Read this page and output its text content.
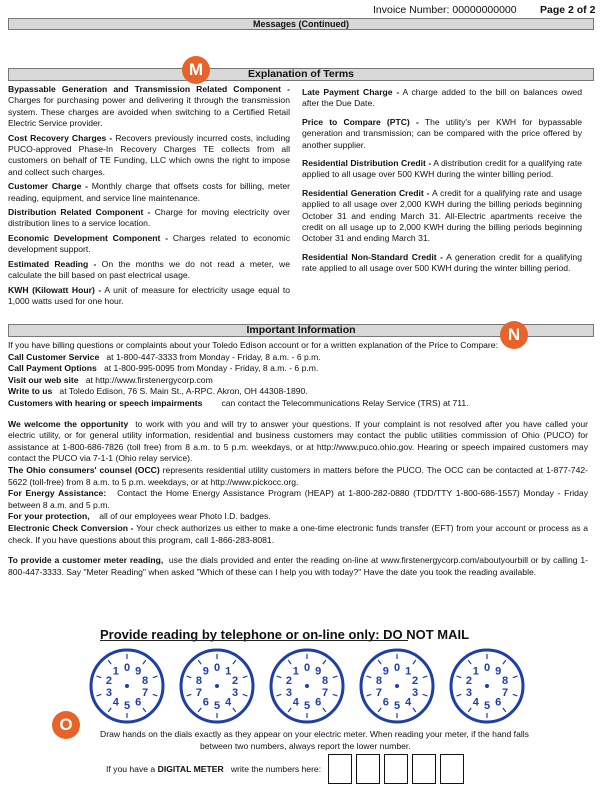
Invoice Number: 00000000000 Page 2 of 2
Messages (Continued)
Explanation of Terms
M

Bypassable Generation and Transmission Related Component - Charges for purchasing power and delivering it through the transmission system. These charges are avoided when switching to a Certified Retail Electric Service provider.

Cost Recovery Charges - Recovers previously incurred costs, including PUCO-approved Phase-In Recovery Charges TE collects from all customers on behalf of TE Funding, LLC which owns the right to impose and collect such charges.

Customer Charge - Monthly charge that offsets costs for billing, meter reading, equipment, and service line maintenance.

Distribution Related Component - Charge for moving electricity over distribution lines to a service location.

Economic Development Component - Charges related to economic development support.

Estimated Reading - On the months we do not read a meter, we calculate the bill based on past electrical usage.

KWH (Kilowatt Hour) - A unit of measure for electricity usage equal to 1,000 watts used for one hour.

Late Payment Charge - A charge added to the bill on balances owed after the Due Date.

Price to Compare (PTC) - The utility's per KWH for bypassable generation and transmission; can be compared with the price offered by another supplier.

Residential Distribution Credit - A distribution credit for a qualifying rate applied to all usage over 500 KWH during the winter billing period.

Residential Generation Credit - A credit for a qualifying rate and usage applied to all usage over 2,000 KWH during the billing periods beginning October 31 and ending March 31. All-Electric apartments receive the credit on all usage up to 2,000 KWH during the billing periods beginning October 31 and ending March 31.

Residential Non-Standard Credit - A generation credit for a qualifying rate applied to all usage over 500 KWH during the winter billing period.

Important Information	N

If you have billing questions or complaints about your Toledo Edison account or for a written explanation of the Price to Compare:

Call Customer Service at 1-800-447-3333 from Monday - Friday, 8 a.m. - 6 p.m.

Call Payment Options at 1-800-995-0095 from Monday - Friday, 8 a.m. - 6 p.m.

Visit our web site at http://www.firstenergycorp.com

Write to us at Toledo Edison, 76 S. Main St., A-RPC. Akron, OH 44308-1890.

Customers with hearing or speech impairments can contact the Telecommunications Relay Service (TRS) at 711.

We welcome the opportunity to work with you and will try to answer your questions. If your complaint is not resolved after you have called your electric utility, or for general utility information, residential and business customers may contact the public utilities commission of Ohio (PUCO) for assistance at 1-800-686-7826 (toll free) from 8 a.m. to 5 p.m. weekdays, or at http://www.puco.ohio.gov. Hearing or speech impaired customers may contact the PUCO via 7-1-1 (Ohio relay service).

The Ohio consumers' counsel (OCC) represents residential utility customers in matters before the PUCO. The OCC can be contacted at 1-877-742-5622 (toll-free) from 8 a.m. to 5 p.m. weekdays, or at http://www.pickocc.org.

For Energy Assistance: Contact the Home Energy Assistance Program (HEAP) at 1-800-282-0880 (TDD/TTY 1-800-686-1557) Monday - Friday between 8 a.m. and 5 p.m.

For your protection, all of our employees wear Photo I.D. badges.

Electronic Check Conversion - Your check authorizes us either to make a one-time electronic funds transfer (EFT) from your account or process as a check. If you have questions about this program, call 1-866-283-8081.

To provide a customer meter reading, use the dials provided and enter the reading on-line at www.firstenergycorp.com/aboutyourbill or by calling 1-800-447-3333. Say "Meter Reading" when asked "Which of these can I help you with today?" Have the date you took the reading available.

Provide reading by telephone or on-line only: DO NOT MAIL
0
1
2
3
4 5 6
7
8
9	0 1
2
3
4
5
6
7
8
9	0
1
2
3
4 5 6
7
8
9	0 1
2
3
4
5
6
7
8
9	0
1
2
3
4 5 6
7
8
9
O	Draw hands on the dials exactly as they appear on your electric meter. When reading your meter, if the hand falls
between two numbers, always report the lower number.
If you have a DIGITAL METER write the numbers here:
